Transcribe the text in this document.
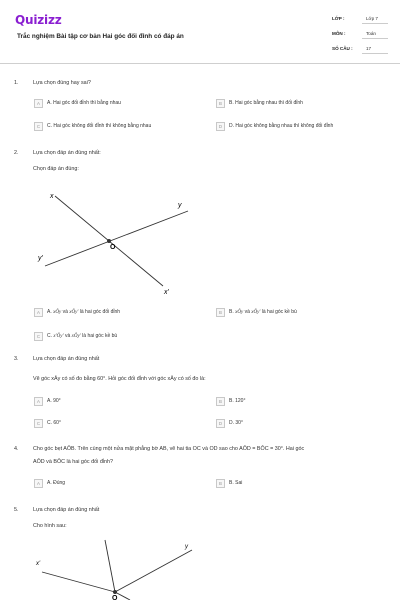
Quizizz
Trắc nghiệm Bài tập cơ bản Hai góc đối đỉnh có đáp án
LỚP :	Lớp 7
MÔN :	Toán
SỐ CÂU :	17
1.	Lựa chọn đúng hay sai?
A	A. Hai góc đối đỉnh thì bằng nhau	B	B. Hai góc bằng nhau thì đối đỉnh
C	C. Hai góc không đối đỉnh thì không bằng nhau	D	D. Hai góc không bằng nhau thì không đối đỉnh
2.	Lựa chọn đáp án đúng nhất:
Chọn đáp án đúng:
x
y
y'
x'
O
A	A. xÔy và xÔy' là hai góc đối đỉnh	B	B. xÔy và xÔy' là hai góc kề bù
C	C. x'Ôy' và xÔy' là hai góc kề bù
3.	Lựa chọn đáp án đúng nhất
Vẽ góc xÂy có số đo bằng 60°. Hỏi góc đối đỉnh với góc xÂy có số đo là:
A	A. 90°	B	B. 120°
C	C. 60°	D	D. 30°
4.	Cho góc bẹt AÔB. Trên cùng một nửa mặt phẳng bờ AB, vẽ hai tia OC và OD sao cho AÔD = BÔC = 30°. Hai góc
AÔD và BÔC là hai góc đối đỉnh?
A	A. Đúng	B	B. Sai
5.	Lựa chọn đáp án đúng nhất
Cho hình sau:
x'
y
O
